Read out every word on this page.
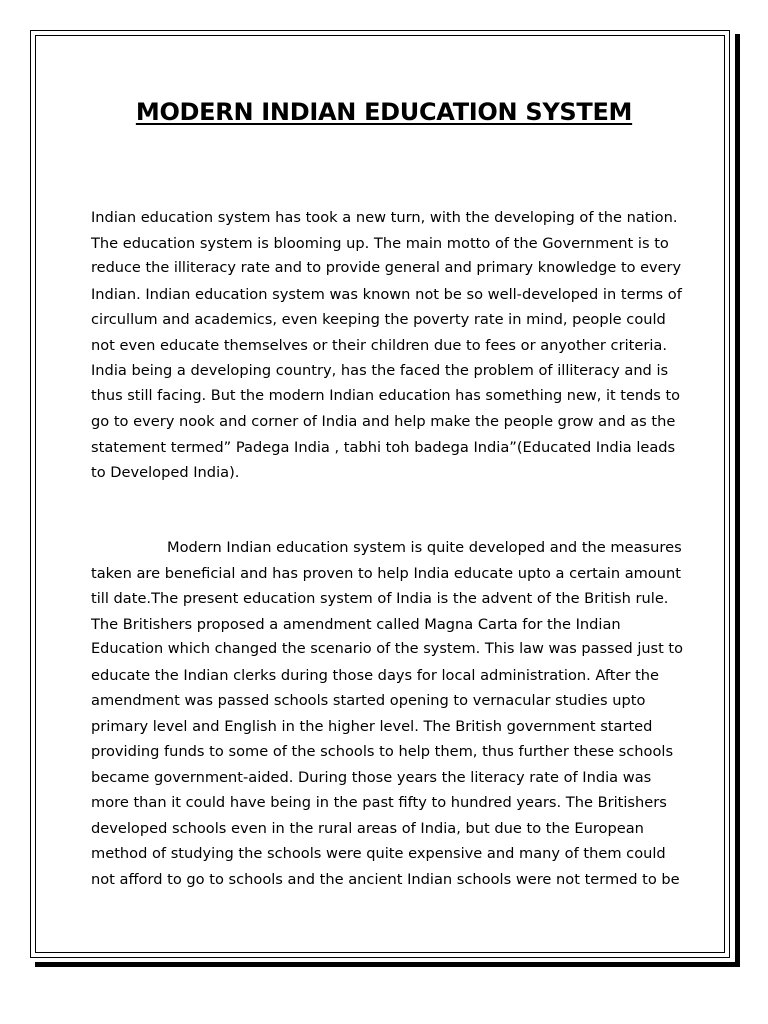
MODERN INDIAN EDUCATION SYSTEM

Indian education system has took a new turn, with the developing of the nation.
The education system is blooming up. The main motto of the Government is to
reduce the illiteracy rate and to provide general and primary knowledge to every
Indian. Indian education system was known not be so well-developed in terms of
circullum and academics, even keeping the poverty rate in mind, people could
not even educate themselves or their children due to fees or anyother criteria.
India being a developing country, has the faced the problem of illiteracy and is
thus still facing. But the modern Indian education has something new, it tends to
go to every nook and corner of India and help make the people grow and as the
statement termed” Padega India , tabhi toh badega India”(Educated India leads
to Developed India).

Modern Indian education system is quite developed and the measures
taken are beneficial and has proven to help India educate upto a certain amount
till date.The present education system of India is the advent of the British rule.
The Britishers proposed a amendment called Magna Carta for the Indian
Education which changed the scenario of the system. This law was passed just to
educate the Indian clerks during those days for local administration. After the
amendment was passed schools started opening to vernacular studies upto
primary level and English in the higher level. The British government started
providing funds to some of the schools to help them, thus further these schools
became government-aided. During those years the literacy rate of India was
more than it could have being in the past fifty to hundred years. The Britishers
developed schools even in the rural areas of India, but due to the European
method of studying the schools were quite expensive and many of them could
not afford to go to schools and the ancient Indian schools were not termed to be
